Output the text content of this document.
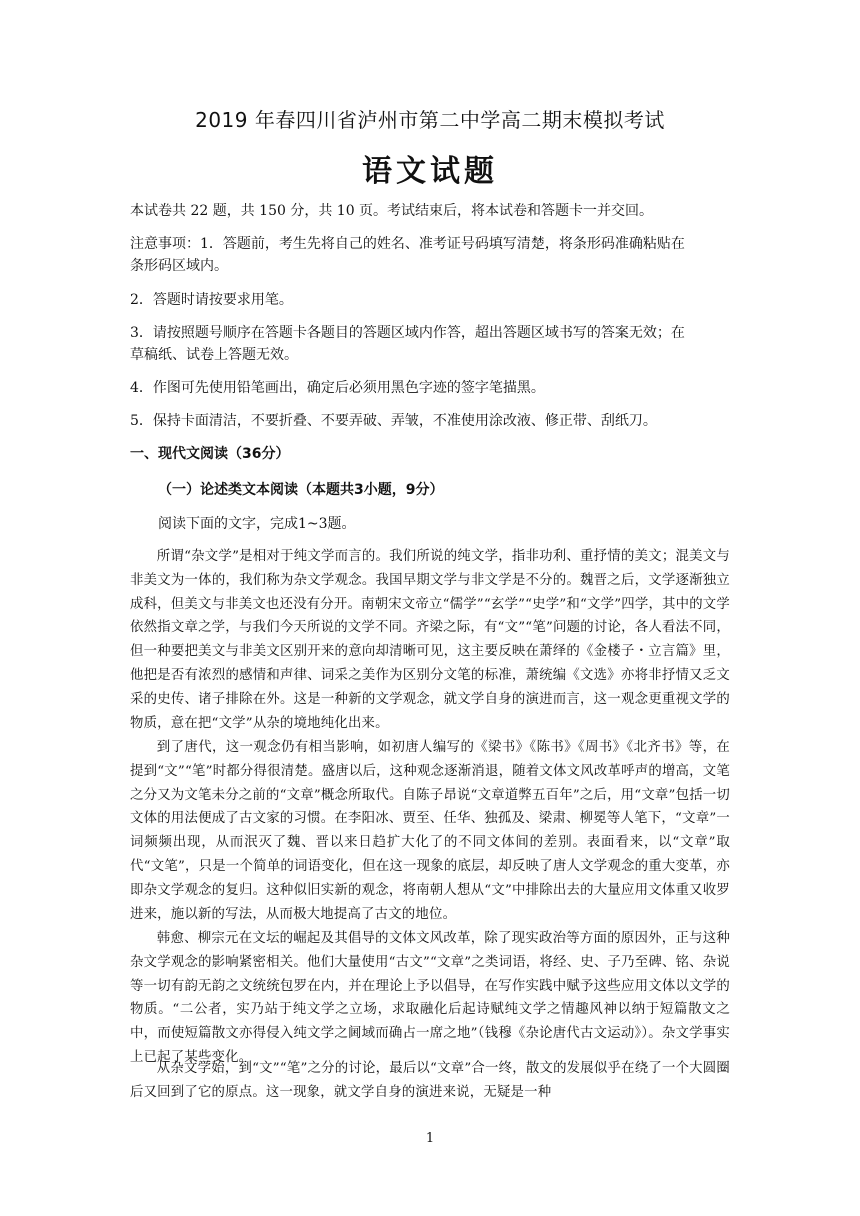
2019 年春四川省泸州市第二中学高二期末模拟考试
语文试题
本试卷共 22 题，共 150 分，共 10 页。考试结束后，将本试卷和答题卡一并交回。
注意事项：1．答题前，考生先将自己的姓名、准考证号码填写清楚，将条形码准确粘贴在
条形码区域内。
2．答题时请按要求用笔。
3．请按照题号顺序在答题卡各题目的答题区域内作答，超出答题区域书写的答案无效；在
草稿纸、试卷上答题无效。
4．作图可先使用铅笔画出，确定后必须用黑色字迹的签字笔描黑。
5．保持卡面清洁，不要折叠、不要弄破、弄皱，不准使用涂改液、修正带、刮纸刀。
一、现代文阅读（36分）
（一）论述类文本阅读（本题共3小题，9分）
阅读下面的文字，完成1~3题。
所谓“杂文学”是相对于纯文学而言的。我们所说的纯文学，指非功利、重抒情的美文；混美文与非美文为一体的，我们称为杂文学观念。我国早期文学与非文学是不分的。魏晋之后，文学逐渐独立成科，但美文与非美文也还没有分开。南朝宋文帝立“儒学”“玄学”“史学”和“文学”四学，其中的文学依然指文章之学，与我们今天所说的文学不同。齐梁之际，有“文”“笔”问题的讨论，各人看法不同，但一种要把美文与非美文区别开来的意向却清晰可见，这主要反映在萧绎的《金楼子・立言篇》里，他把是否有浓烈的感情和声律、词采之美作为区别分文笔的标准，萧统编《文选》亦将非抒情又乏文采的史传、诸子排除在外。这是一种新的文学观念，就文学自身的演进而言，这一观念更重视文学的物质，意在把“文学”从杂的境地纯化出来。
到了唐代，这一观念仍有相当影响，如初唐人编写的《梁书》《陈书》《周书》《北齐书》等，在提到“文”“笔”时都分得很清楚。盛唐以后，这种观念逐渐消退，随着文体文风改革呼声的增高，文笔之分又为文笔未分之前的“文章”概念所取代。自陈子昂说“文章道弊五百年”之后，用“文章”包括一切文体的用法便成了古文家的习惯。在李阳冰、贾至、任华、独孤及、梁肃、柳冕等人笔下，“文章”一词频频出现，从而泯灭了魏、晋以来日趋扩大化了的不同文体间的差别。表面看来，以“文章”取代“文笔”，只是一个简单的词语变化，但在这一现象的底层，却反映了唐人文学观念的重大变革，亦即杂文学观念的复归。这种似旧实新的观念，将南朝人想从“文”中排除出去的大量应用文体重又收罗进来，施以新的写法，从而极大地提高了古文的地位。
韩愈、柳宗元在文坛的崛起及其倡导的文体文风改革，除了现实政治等方面的原因外，正与这种杂文学观念的影响紧密相关。他们大量使用“古文”“文章”之类词语，将经、史、子乃至碑、铭、杂说等一切有韵无韵之文统统包罗在内，并在理论上予以倡导，在写作实践中赋予这些应用文体以文学的物质。“二公者，实乃站于纯文学之立场，求取融化后起诗赋纯文学之情趣风神以纳于短篇散文之中，而使短篇散文亦得侵入纯文学之阃域而确占一席之地”（钱穆《杂论唐代古文运动》）。杂文学事实上已起了某些变化。
从杂文学始，到“文”“笔”之分的讨论，最后以“文章”合一终，散文的发展似乎在绕了一个大圆圈后又回到了它的原点。这一现象，就文学自身的演进来说，无疑是一种
1
